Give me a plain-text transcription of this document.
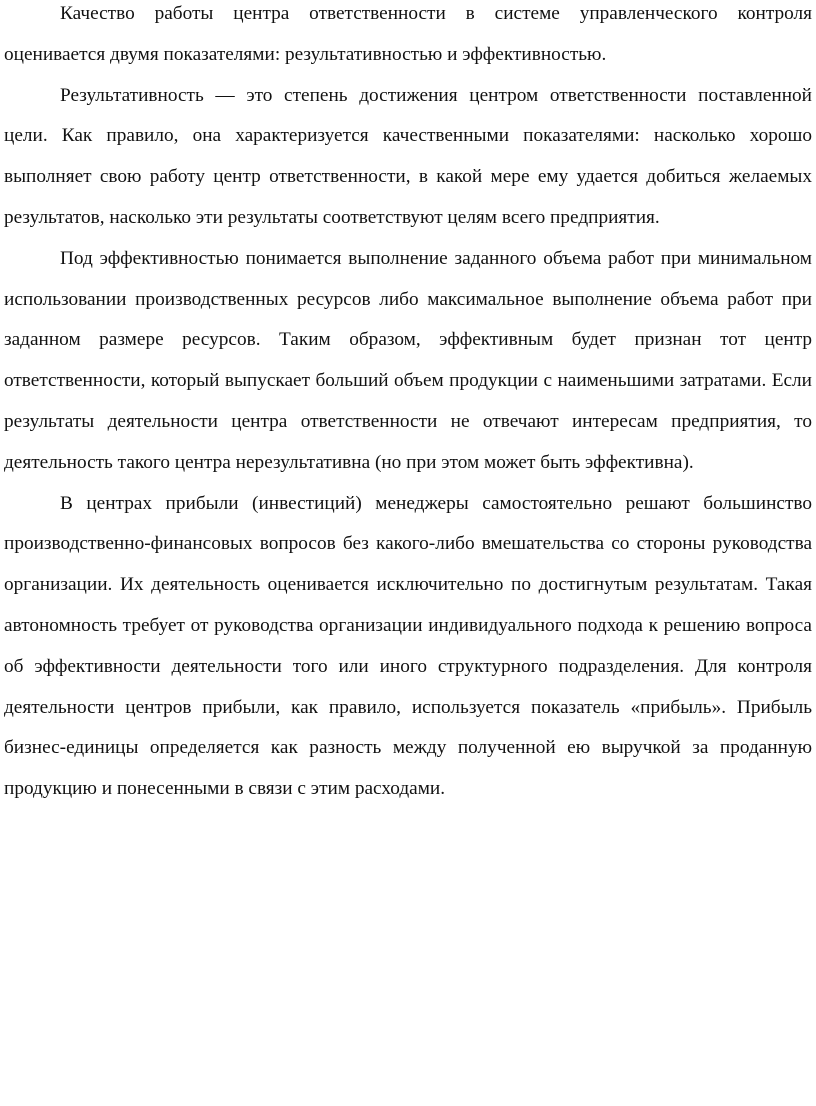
Качество работы центра ответственности в системе управленческого контроля оценивается двумя показателями: результативностью и эффективностью.

Результативность — это степень достижения центром ответственности поставленной цели. Как правило, она характеризуется качественными показателями: насколько хорошо выполняет свою работу центр ответственности, в какой мере ему удается добиться желаемых результатов, насколько эти результаты соответствуют целям всего предприятия.

Под эффективностью понимается выполнение заданного объема работ при минимальном использовании производственных ресурсов либо максимальное выполнение объема работ при заданном размере ресурсов. Таким образом, эффективным будет признан тот центр ответственности, который выпускает больший объем продукции с наименьшими затратами. Если результаты деятельности центра ответственности не отвечают интересам предприятия, то деятельность такого центра нерезультативна (но при этом может быть эффективна).

В центрах прибыли (инвестиций) менеджеры самостоятельно решают большинство производственно-финансовых вопросов без какого-либо вмешательства со стороны руководства организации. Их деятельность оценивается исключительно по достигнутым результатам. Такая автономность требует от руководства организации индивидуального подхода к решению вопроса об эффективности деятельности того или иного структурного подразделения. Для контроля деятельности центров прибыли, как правило, используется показатель «прибыль». Прибыль бизнес-единицы определяется как разность между полученной ею выручкой за проданную продукцию и понесенными в связи с этим расходами.
